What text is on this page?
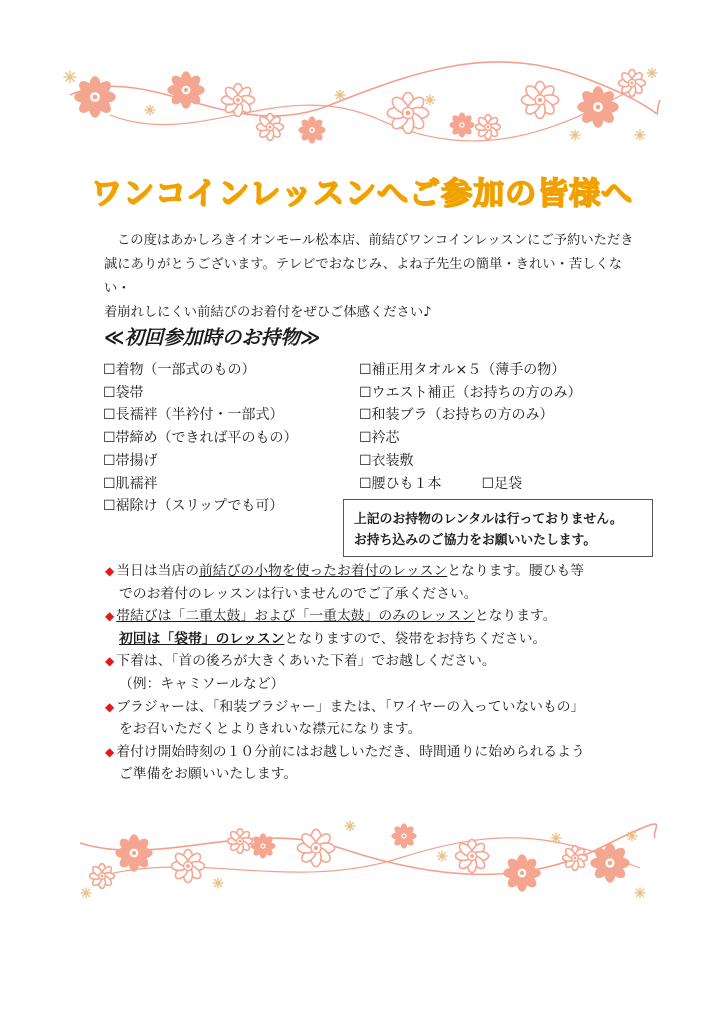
ワンコインレッスンへご参加の皆様へ

この度はあかしろきイオンモール松本店、前結びワンコインレッスンにご予約いただき

誠にありがとうございます。テレビでおなじみ、よね子先生の簡単・きれい・苦しくない・

着崩れしにくい前結びのお着付をぜひご体感ください♪

≪初回参加時のお持物≫
☐着物（一部式のもの）
☐袋帯
☐長襦袢（半衿付・一部式）
☐帯締め（できれば平のもの）
☐帯揚げ
☐肌襦袢
☐裾除け（スリップでも可）
☐補正用タオル×５（薄手の物）
☐ウエスト補正（お持ちの方のみ）
☐和装ブラ（お持ちの方のみ）
☐衿芯
☐衣装敷
☐腰ひも１本	☐足袋
上記のお持物のレンタルは行っておりません。
お持ち込みのご協力をお願いいたします。
◆ 当日は当店の前結びの小物を使ったお着付のレッスンとなります。腰ひも等
でのお着付のレッスンは行いませんのでご了承ください。
◆ 帯結びは「二重太鼓」および「一重太鼓」のみのレッスンとなります。
初回は「袋帯」のレッスンとなりますので、袋帯をお持ちください。
◆ 下着は、「首の後ろが大きくあいた下着」でお越しください。
（例：キャミソールなど）
◆ ブラジャーは、「和装ブラジャー」または、「ワイヤーの入っていないもの」
をお召いただくとよりきれいな襟元になります。
◆ 着付け開始時刻の１０分前にはお越しいただき、時間通りに始められるよう
ご準備をお願いいたします。
